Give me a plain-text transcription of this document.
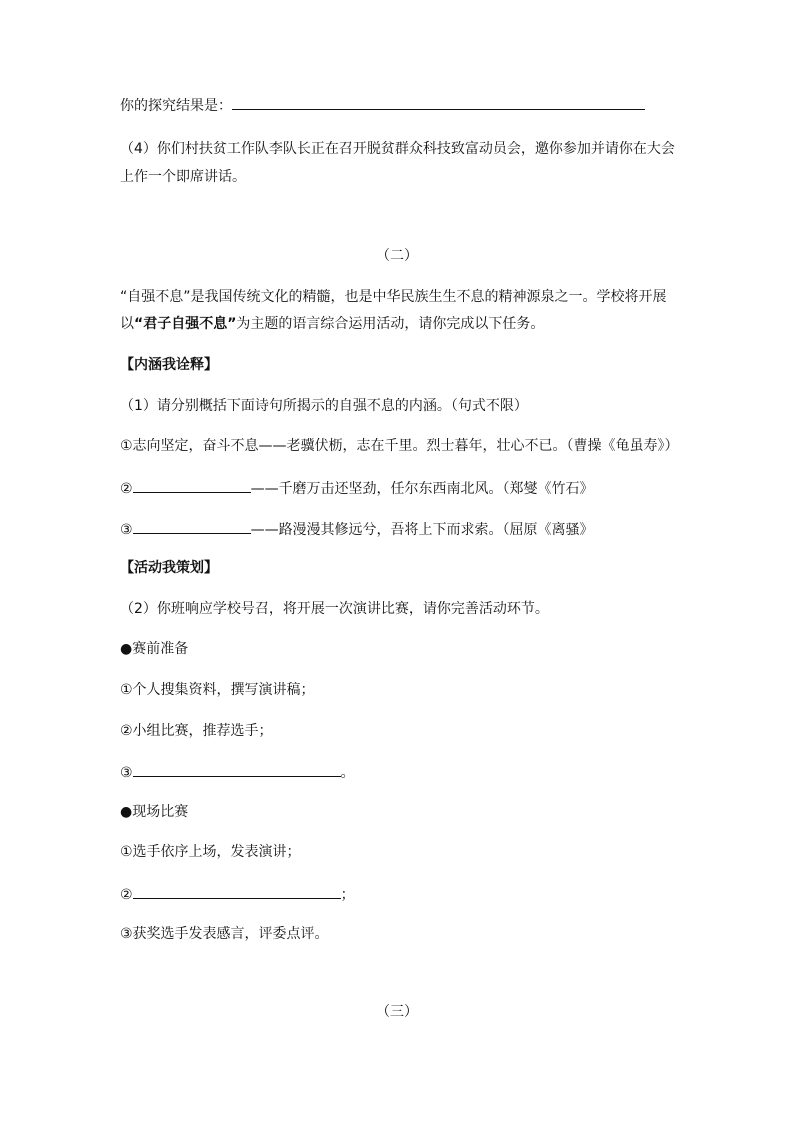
你的探究结果是：
（4）你们村扶贫工作队李队长正在召开脱贫群众科技致富动员会，邀你参加并请你在大会
上作一个即席讲话。
（二）
“自强不息”是我国传统文化的精髓，也是中华民族生生不息的精神源泉之一。学校将开展
以“君子自强不息”为主题的语言综合运用活动，请你完成以下任务。
【内涵我诠释】
（1）请分别概括下面诗句所揭示的自强不息的内涵。（句式不限）
①志向坚定，奋斗不息——老骥伏枥，志在千里。烈士暮年，壮心不已。（曹操《龟虽寿》）
②	——千磨万击还坚劲，任尔东西南北风。（郑燮《竹石》
③	——路漫漫其修远兮，吾将上下而求索。（屈原《离骚》
【活动我策划】
（2）你班响应学校号召，将开展一次演讲比赛，请你完善活动环节。
●赛前准备
①个人搜集资料，撰写演讲稿；
②小组比赛，推荐选手；
③	。
●现场比赛
①选手依序上场，发表演讲；
②	；
③获奖选手发表感言，评委点评。
（三）
